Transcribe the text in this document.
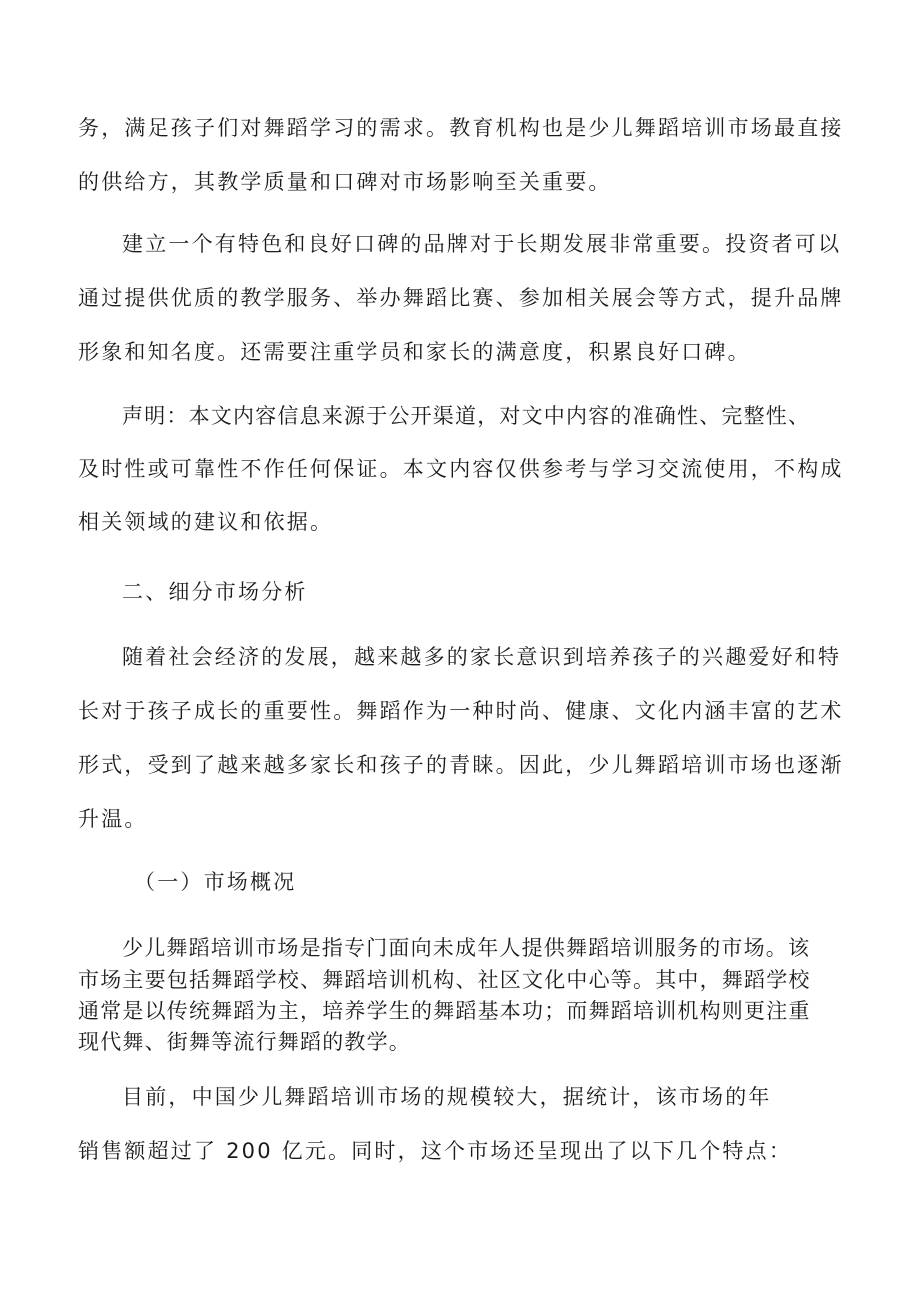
务，满足孩子们对舞蹈学习的需求。教育机构也是少儿舞蹈培训市场最直接
的供给方，其教学质量和口碑对市场影响至关重要。
建立一个有特色和良好口碑的品牌对于长期发展非常重要。投资者可以
通过提供优质的教学服务、举办舞蹈比赛、参加相关展会等方式，提升品牌
形象和知名度。还需要注重学员和家长的满意度，积累良好口碑。
声明：本文内容信息来源于公开渠道，对文中内容的准确性、完整性、
及时性或可靠性不作任何保证。本文内容仅供参考与学习交流使用，不构成
相关领域的建议和依据。
二、细分市场分析
随着社会经济的发展，越来越多的家长意识到培养孩子的兴趣爱好和特
长对于孩子成长的重要性。舞蹈作为一种时尚、健康、文化内涵丰富的艺术
形式，受到了越来越多家长和孩子的青睐。因此，少儿舞蹈培训市场也逐渐
升温。
（一）市场概况
少儿舞蹈培训市场是指专门面向未成年人提供舞蹈培训服务的市场。该
市场主要包括舞蹈学校、舞蹈培训机构、社区文化中心等。其中，舞蹈学校
通常是以传统舞蹈为主，培养学生的舞蹈基本功；而舞蹈培训机构则更注重
现代舞、街舞等流行舞蹈的教学。
目前，中国少儿舞蹈培训市场的规模较大，据统计，该市场的年
销售额超过了 200 亿元。同时，这个市场还呈现出了以下几个特点：
